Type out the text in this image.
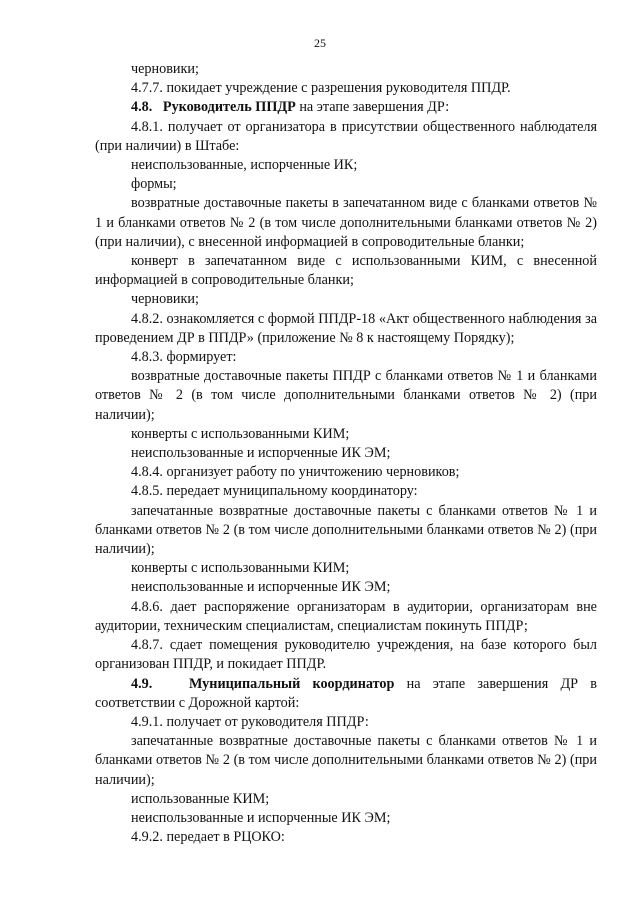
25

черновики;

4.7.7. покидает учреждение с разрешения руководителя ППДР.

4.8.   Руководитель ППДР на этапе завершения ДР:

4.8.1. получает от организатора в присутствии общественного наблюдателя (при наличии) в Штабе:

неиспользованные, испорченные ИК;

формы;

возвратные доставочные пакеты в запечатанном виде с бланками ответов № 1 и бланками ответов № 2 (в том числе дополнительными бланками ответов № 2) (при наличии), с внесенной информацией в сопроводительные бланки;

конверт в запечатанном виде с использованными КИМ, с внесенной информацией в сопроводительные бланки;

черновики;

4.8.2. ознакомляется с формой ППДР-18 «Акт общественного наблюдения за проведением ДР в ППДР» (приложение № 8 к настоящему Порядку);

4.8.3. формирует:

возвратные доставочные пакеты ППДР с бланками ответов № 1 и бланками ответов № 2 (в том числе дополнительными бланками ответов № 2) (при наличии);

конверты с использованными КИМ;

неиспользованные и испорченные ИК ЭМ;

4.8.4. организует работу по уничтожению черновиков;

4.8.5. передает муниципальному координатору:

запечатанные возвратные доставочные пакеты с бланками ответов № 1 и бланками ответов № 2 (в том числе дополнительными бланками ответов № 2) (при наличии);

конверты с использованными КИМ;

неиспользованные и испорченные ИК ЭМ;

4.8.6. дает распоряжение организаторам в аудитории, организаторам вне аудитории, техническим специалистам, специалистам покинуть ППДР;

4.8.7. сдает помещения руководителю учреждения, на базе которого был организован ППДР, и покидает ППДР.

4.9.   Муниципальный координатор на этапе завершения ДР в соответствии с Дорожной картой:

4.9.1. получает от руководителя ППДР:

запечатанные возвратные доставочные пакеты с бланками ответов № 1 и бланками ответов № 2 (в том числе дополнительными бланками ответов № 2) (при наличии);

использованные КИМ;

неиспользованные и испорченные ИК ЭМ;

4.9.2. передает в РЦОКО:
